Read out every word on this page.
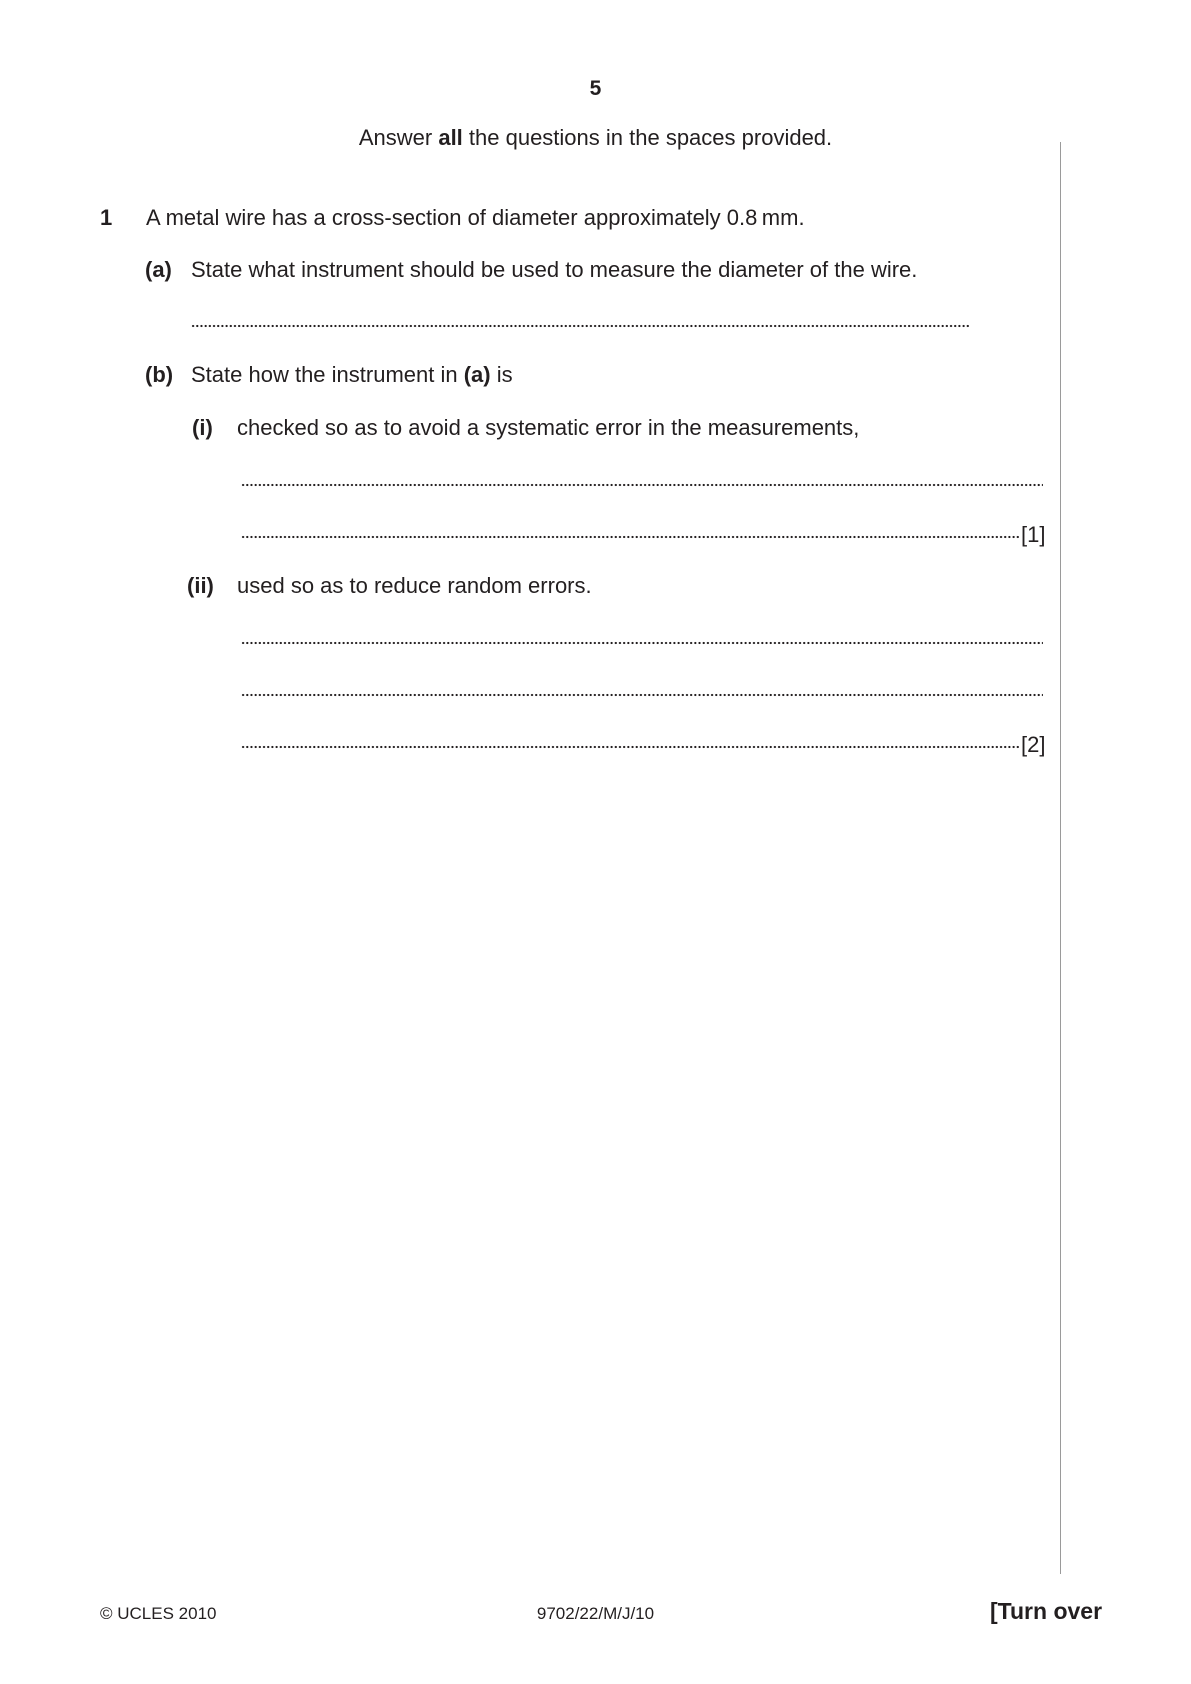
5
Answer all the questions in the spaces provided.
1 A metal wire has a cross-section of diameter approximately 0.8 mm.
(a) State what instrument should be used to measure the diameter of the wire.
(b) State how the instrument in (a) is
(i) checked so as to avoid a systematic error in the measurements,
[1]
(ii) used so as to reduce random errors.
[2]
© UCLES 2010	9702/22/M/J/10	[Turn over
